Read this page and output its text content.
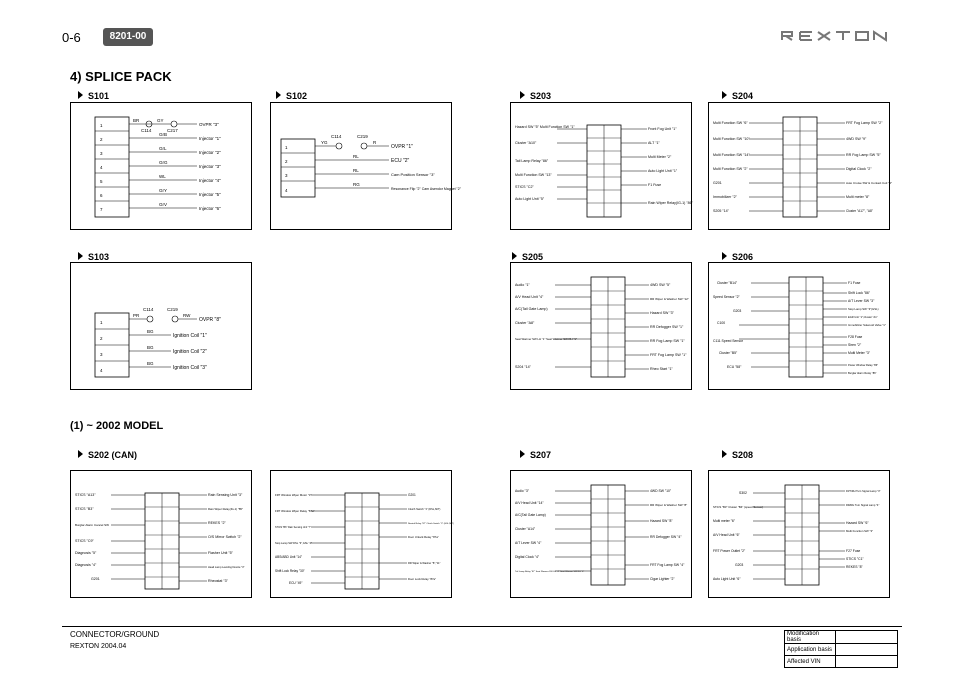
0-6	8201-00
4) SPLICE PACK
(1) ~ 2002 MODEL
S101
1
2
3
4
5
6
7
BR
C114	C217
GY
OVPR "3"
GrB
Injector "1"
GrL
Injector "2"
GrG
Injector "3"
WL
Injector "4"
GrY
Injector "5"
GrV
Injector "6"
S102
1
2
3
4
YG
C114	C219
R
OVPR "1"
RL
ECU "2"
RL
Cam Position Sensor "3"
RG
Resonance Flip "2" Cam Asendor Magnet "2"
S203
Hazard SW "5" Multi Function SW "1"
Cluster "A10"
Tail Lamp Relay "86"
Multi Function SW "13"
STICS "C2"
Auto Light Unit "5"
Front Fog Unit "1"
ALT "1"
Multi Meter "2"
Auto Light Unit "1"
F1 Fuse
Rain Wiper Relay(IG-1) "86"
S204
Multi Function SW "6"
Multi Function SW "10"
Multi Function SW "14"
Multi Function SW "2"
G201
Immobilizer "2"
S205 "14"
FRT Fog Lamp SW "2"
4WD SW "9"
RR Fog Lamp SW "5"
Digital Clock "2"
Auto Cruise SW & Contact Coil "3"
Multi meter "8"
Cluster "A17", "A8"
S103
1
2
3
4
PR
C114	C219
RW
OVPR "8"
BG
Ignition Coil "1"
BG
Ignition Coil "2"
BG
Ignition Coil "3"
S205
Audio "1"
A/V Head Unit "4"
A/C(Tail Gate Lamp)
Cluster "A8"
Seat Warmer SW LH "1" Seat Warmer SW RH "1"
S204 "14"
4WD SW "5"
RR Wiper & Washer SW "12"
Hazard SW "3"
RR Defogger SW "1"
RR Fog Lamp SW "1"
FRT Fog Lamp SW "1"
Rheo Start "1"
S206
Cluster "B14"
Speed Sensor "2"
G203
C100
C111 Speed Sensor
Cluster "B5"
ECU "58"
F1 Fuse
Shift Lock "86"
A/T Lever SW "3"
Stop Lamp SW "3"(GSL)
EGR Unit "1",Cluster "A1"
Immobilizer Solenoid Valve "1"
F28 Fuse
Siren "2"
Multi Meter "3"
Power Window Relay "86"
Burglar Alarm Relay "86"
S202 (CAN)
STICS "A13"
STICS "B3"
Burglar Alarm Cancel SW
STICS "C9"
Diagnosis "5"
Diagnosis "4"
G201
Rain Sensing Unit "3"
Rain Wiper Relay(IG-1) "85"
REKES "2"
O/S Mirror Switch "2"
Flasher Unit "5"
Head Lamp Leveling Device "3"
Rheostat "3"
FRT Window Wiper Motor "3"
FRT Window Wiper Relay "87a"
STICS "B6" Rain Sensing Unit "7"
Stop Lamp SW DSL "3",GSL "4"
ABS/ABD Unit "14"
Shift Lock Relay "30"
ECU "49"
G201
Clutch Switch "1" (DSL,M/T)
Neutral Relay "87" Clutch Switch "3" (GSL,M/T)
Door Unlock Relay "87a"
RR Wiper & Washer "8","11"
Door Lock Relay "87a"
S207
Audio "3"
A/V Head Unit "14"
A/C(Tail Gate Lamp)
Cluster "A14"
A/T Lever SW "4"
Digital Clock "4"
Tail Lamp Relay "87" Seat Warmer SW LH "4" Seat Warmer SW RH "4"
4WD SW "10"
RR Wiper & Washer SW "8"
Hazard SW "8"
RR Defogger SW "4"
FRT Fog Lamp SW "4"
Cigar Lighter "2"
S208
S302
STICS "B3" Cluster "B4" (speed Sensor)
Multi meter "6"
A/V Head Unit "6"
FRT Power Outlet "2"
G203
Auto Light Unit "6"
FRT/RH Turn Signal Lamp "3"
RR/RH Turn Signal Lamp "4"
Hazard SW "6"
Multi Function SW "3"
F27 Fuse
STICS "C1"
REKES "8"
CONNECTOR/GROUND
REXTON 2004.04
Modification basis	
Application basis	
Affected VIN	
